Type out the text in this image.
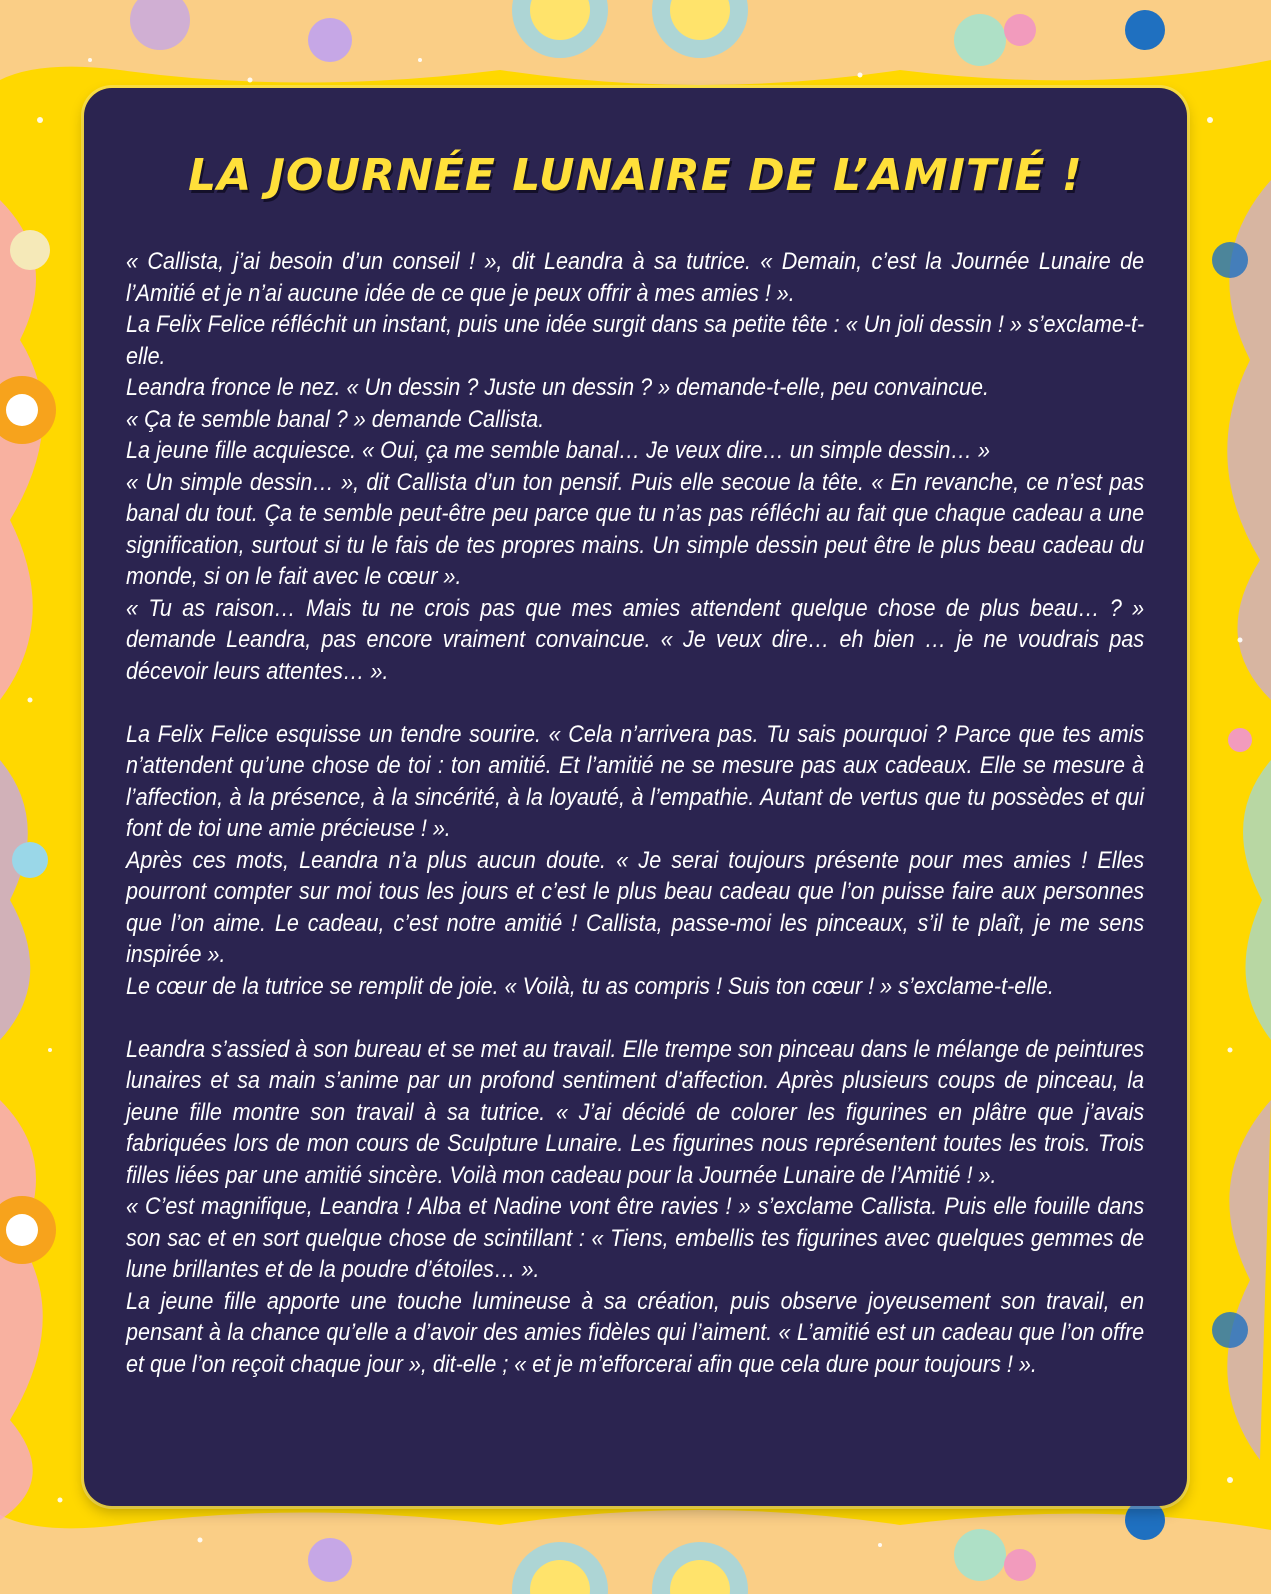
LA JOURNÉE LUNAIRE DE L’AMITIÉ !

« Callista, j’ai besoin d’un conseil ! », dit Leandra à sa tutrice. « Demain, c’est la Journée Lunaire de l’Amitié et je n’ai aucune idée de ce que je peux offrir à mes amies ! ».

La Felix Felice réfléchit un instant, puis une idée surgit dans sa petite tête : « Un joli dessin ! » s’exclame-t-elle.

Leandra fronce le nez. « Un dessin ? Juste un dessin ? » demande-t-elle, peu convaincue.

« Ça te semble banal ? » demande Callista.

La jeune fille acquiesce. « Oui, ça me semble banal… Je veux dire… un simple dessin… »

« Un simple dessin… », dit Callista d’un ton pensif. Puis elle secoue la tête. « En revanche, ce n’est pas banal du tout. Ça te semble peut-être peu parce que tu n’as pas réfléchi au fait que chaque cadeau a une signification, surtout si tu le fais de tes propres mains. Un simple dessin peut être le plus beau cadeau du monde, si on le fait avec le cœur ».

« Tu as raison… Mais tu ne crois pas que mes amies attendent quelque chose de plus beau… ? » demande Leandra, pas encore vraiment convaincue. « Je veux dire… eh bien … je ne voudrais pas décevoir leurs attentes… ».

La Felix Felice esquisse un tendre sourire. « Cela n’arrivera pas. Tu sais pourquoi ? Parce que tes amis n’attendent qu’une chose de toi : ton amitié. Et l’amitié ne se mesure pas aux cadeaux. Elle se mesure à l’affection, à la présence, à la sincérité, à la loyauté, à l’empathie. Autant de vertus que tu possèdes et qui font de toi une amie précieuse ! ».

Après ces mots, Leandra n’a plus aucun doute. « Je serai toujours présente pour mes amies ! Elles pourront compter sur moi tous les jours et c’est le plus beau cadeau que l’on puisse faire aux personnes que l’on aime. Le cadeau, c’est notre amitié ! Callista, passe-moi les pinceaux, s’il te plaît, je me sens inspirée ».

Le cœur de la tutrice se remplit de joie. « Voilà, tu as compris ! Suis ton cœur ! » s’exclame-t-elle.

Leandra s’assied à son bureau et se met au travail. Elle trempe son pinceau dans le mélange de peintures lunaires et sa main s’anime par un profond sentiment d’affection. Après plusieurs coups de pinceau, la jeune fille montre son travail à sa tutrice. « J’ai décidé de colorer les figurines en plâtre que j’avais fabriquées lors de mon cours de Sculpture Lunaire. Les figurines nous représentent toutes les trois. Trois filles liées par une amitié sincère. Voilà mon cadeau pour la Journée Lunaire de l’Amitié ! ».

« C’est magnifique, Leandra ! Alba et Nadine vont être ravies ! » s’exclame Callista. Puis elle fouille dans son sac et en sort quelque chose de scintillant : « Tiens, embellis tes figurines avec quelques gemmes de lune brillantes et de la poudre d’étoiles… ».

La jeune fille apporte une touche lumineuse à sa création, puis observe joyeusement son travail, en pensant à la chance qu’elle a d’avoir des amies fidèles qui l’aiment. « L’amitié est un cadeau que l’on offre et que l’on reçoit chaque jour », dit-elle ; « et je m’efforcerai afin que cela dure pour toujours ! ».
